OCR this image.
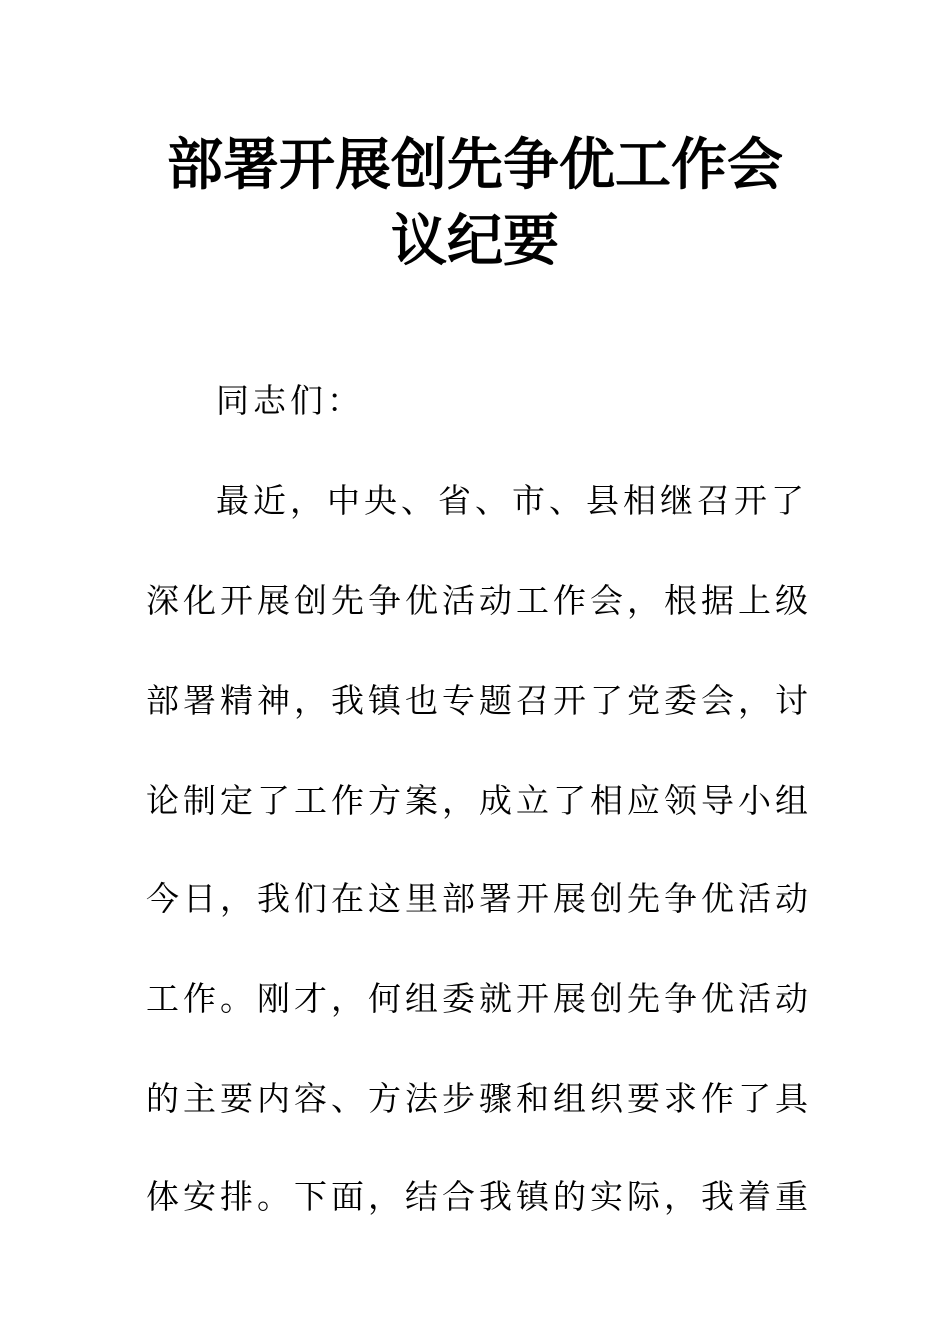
部署开展创先争优工作会
议纪要

同志们：

最近，中央、省、市、县相继召开了

深化开展创先争优活动工作会，根据上级

部署精神，我镇也专题召开了党委会，讨

论制定了工作方案，成立了相应领导小组

今日，我们在这里部署开展创先争优活动

工作。刚才，何组委就开展创先争优活动

的主要内容、方法步骤和组织要求作了具

体安排。下面，结合我镇的实际，我着重
